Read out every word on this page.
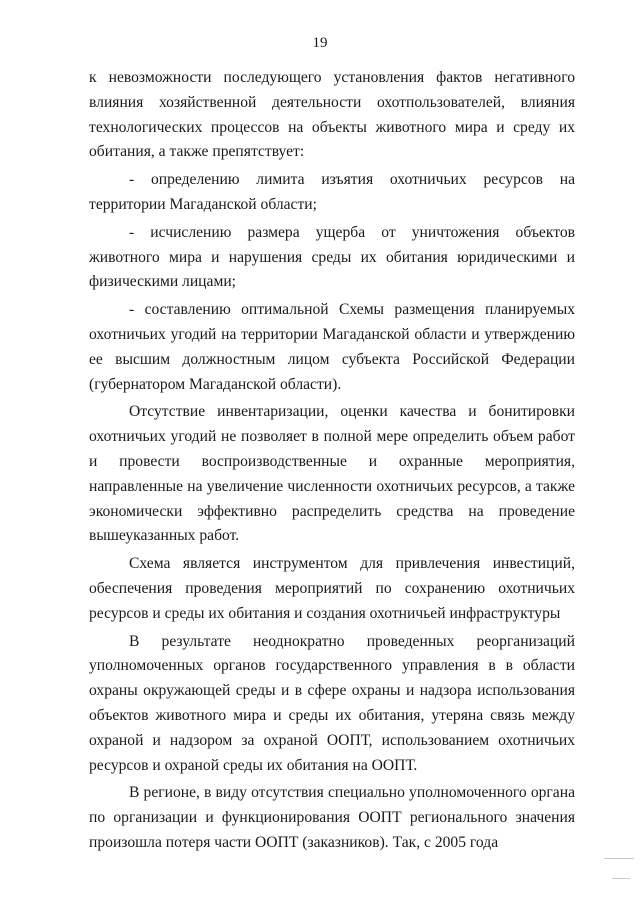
19

к невозможности последующего установления фактов негативного влияния хозяйственной деятельности охотпользователей, влияния технологических процессов на объекты животного мира и среду их обитания, а также препятствует:

- определению лимита изъятия охотничьих ресурсов на территории Магаданской области;

- исчислению размера ущерба от уничтожения объектов животного мира и нарушения среды их обитания юридическими и физическими лицами;

- составлению оптимальной Схемы размещения планируемых охотничьих угодий на территории Магаданской области и утверждению ее высшим должностным лицом субъекта Российской Федерации (губернатором Магаданской области).

Отсутствие инвентаризации, оценки качества и бонитировки охотничьих угодий не позволяет в полной мере определить объем работ и провести воспроизводственные и охранные мероприятия, направленные на увеличение численности охотничьих ресурсов, а также экономически эффективно распределить средства на проведение вышеуказанных работ.

Схема является инструментом для привлечения инвестиций, обеспечения проведения мероприятий по сохранению охотничьих ресурсов и среды их обитания и создания охотничьей инфраструктуры

В результате неоднократно проведенных реорганизаций уполномоченных органов государственного управления в в области охраны окружающей среды и в сфере охраны и надзора использования объектов животного мира и среды их обитания, утеряна связь между охраной и надзором за охраной ООПТ, использованием охотничьих ресурсов и охраной среды их обитания на ООПТ.

В регионе, в виду отсутствия специально уполномоченного органа по организации и функционирования ООПТ регионального значения произошла потеря части ООПТ (заказников). Так, с 2005 года
